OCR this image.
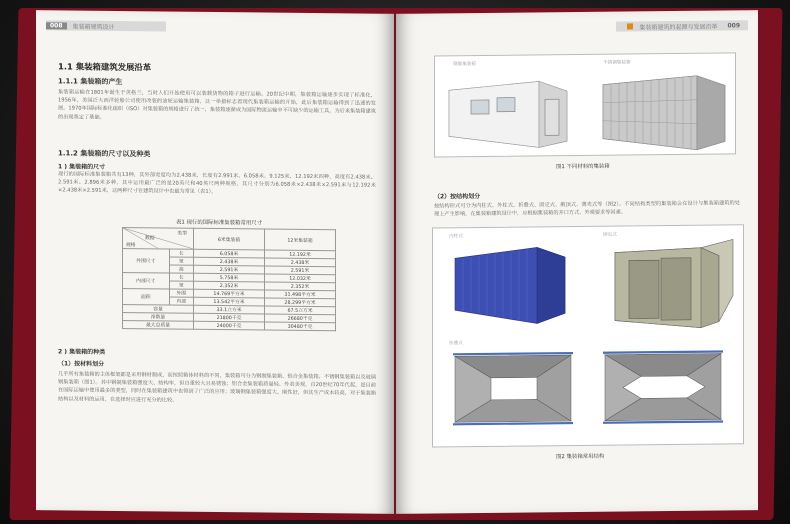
008	集装箱建筑设计
1.1 集装箱建筑发展沿革
1.1.1 集装箱的产生
集装箱运输在1801年诞生于英格兰，当时人们开始使用可以装载货物的箱子进行运输。20世纪中期，集装箱运输逐步实现了标准化，1956年，美国泛大西洋轮船公司使用改装的油轮运输集装箱，这一举措标志着现代集装箱运输的开始，此后集装箱运输得到了迅速的发展。1970年国际标准化组织（ISO）对集装箱的规格进行了统一，集装箱逐渐成为国际物流运输中不可缺少的运输工具，为后来集装箱建筑的出现奠定了基础。
1.1.2 集装箱的尺寸以及种类
1 ) 集装箱的尺寸
现行的国际标准集装箱共有13种，其外部宽度均为2.438米，长度有2.991米、6.058米、9.125米、12.192米四种，高度有2.438米、2.591米、2.896米多种，其中运用最广泛的是20英尺和40英尺两种规格，其尺寸分别为6.058米×2.438米×2.591米与12.192米×2.438米×2.591米，这两种尺寸在建筑设计中也最为常见（表1）。
表1 现行的国际标准集装箱常用尺寸
类型
数据
规格		6米集装箱	12米集装箱
外围尺寸	长	6.058米	12.192米
	宽	2.438米	2.438米
	高	2.591米	2.591米
内部尺寸	长	5.758米	12.032米
	宽	2.352米	2.352米
面积	外围	14.769平方米	31.498平方米
	内部	13.542平方米	28.299平方米
容量		33.1立方米	67.5立方米
净数量		21800千克	26680千克
最大总质量		24000千克	30480千克
2 ) 集装箱的种类
（1）按材料划分
几乎所有集装箱的主体框架都是采用钢材制成，而按照箱体材料的不同，集装箱可分为钢制集装箱、铝合金集装箱、不锈钢集装箱以及玻璃钢集装箱（图1）。其中钢制集装箱强度大、结构牢，但自重较大且易锈蚀；铝合金集装箱质量轻、外表美观，自20世纪70年代起，是目前在国际运输中使用最多的类型，同时在集装箱建筑中也得到了广泛的应用；玻璃钢集装箱强度大、刚性好，但其生产成本较高，对于集装箱结构以及材料的运用，在选择时应进行充分的比较。
集装箱建筑的起源与发展沿革	009
钢制集装箱	不锈钢集装箱
图1 不同材料的集装箱
（2）按结构划分
按结构形式可分为内柱式、外柱式、折叠式、固定式、敞顶式、薄壳式等（图2）。不同结构类型的集装箱会在设计与集装箱建筑的处理上产生影响，在集装箱建筑设计中，应根据集装箱的开口方式、外观要求等因素。
内柱式	固定式
折叠式
图2 集装箱常用结构
